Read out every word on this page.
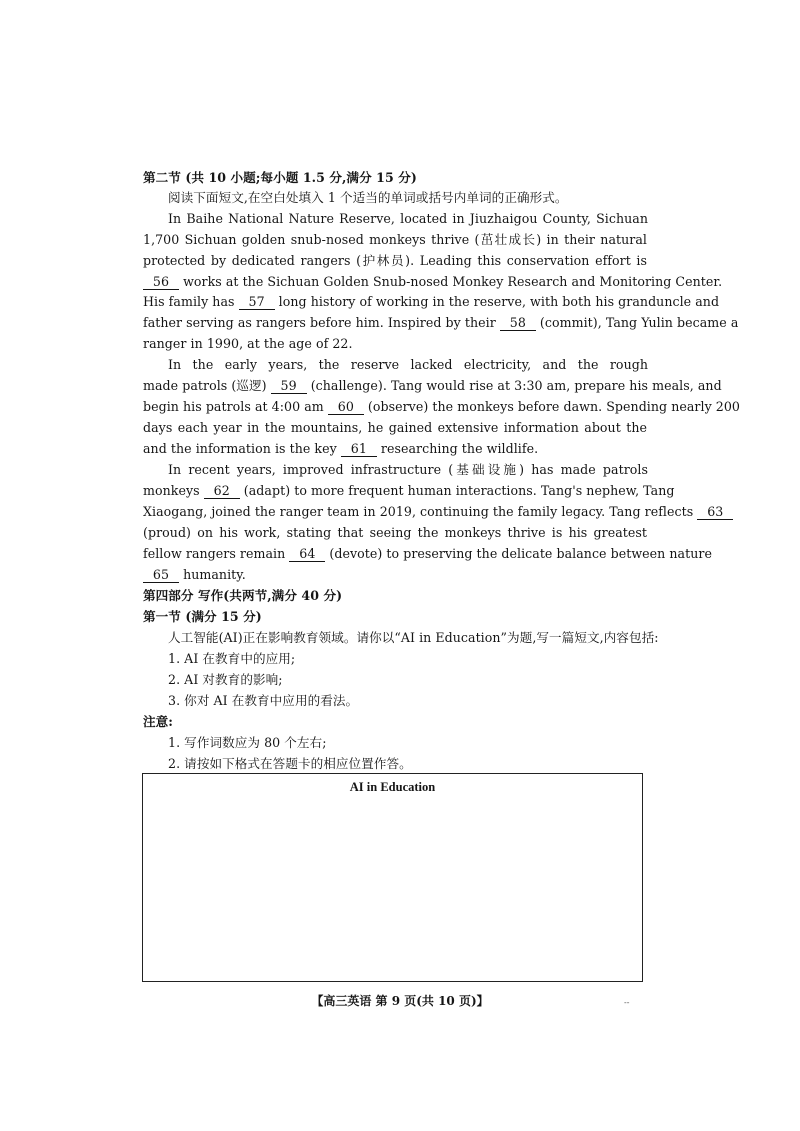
第二节 (共 10 小题;每小题 1.5 分,满分 15 分)
阅读下面短文,在空白处填入 1 个适当的单词或括号内单词的正确形式。
In Baihe National Nature Reserve, located in Jiuzhaigou County, Sichuan
1,700 Sichuan golden snub-nosed monkeys thrive (茁壮成长) in their natural
protected by dedicated rangers (护林员). Leading this conservation effort is
56 works at the Sichuan Golden Snub-nosed Monkey Research and Monitoring Center.
His family has 57 long history of working in the reserve, with both his granduncle and
father serving as rangers before him. Inspired by their 58 (commit), Tang Yulin became a
ranger in 1990, at the age of 22.
In the early years, the reserve lacked electricity, and the rough
made patrols (巡逻) 59 (challenge). Tang would rise at 3:30 am, prepare his meals, and
begin his patrols at 4:00 am 60 (observe) the monkeys before dawn. Spending nearly 200
days each year in the mountains, he gained extensive information about the
and the information is the key 61 researching the wildlife.
In recent years, improved infrastructure (基础设施) has made patrols
monkeys 62 (adapt) to more frequent human interactions. Tang's nephew, Tang
Xiaogang, joined the ranger team in 2019, continuing the family legacy. Tang reflects 63
(proud) on his work, stating that seeing the monkeys thrive is his greatest
fellow rangers remain 64 (devote) to preserving the delicate balance between nature
65 humanity.
第四部分 写作(共两节,满分 40 分)
第一节 (满分 15 分)
人工智能(AI)正在影响教育领域。请你以“AI in Education”为题,写一篇短文,内容包括:
1. AI 在教育中的应用;
2. AI 对教育的影响;
3. 你对 AI 在教育中应用的看法。
注意:
1. 写作词数应为 80 个左右;
2. 请按如下格式在答题卡的相应位置作答。
AI in Education
【高三英语 第 9 页(共 10 页)】	--
